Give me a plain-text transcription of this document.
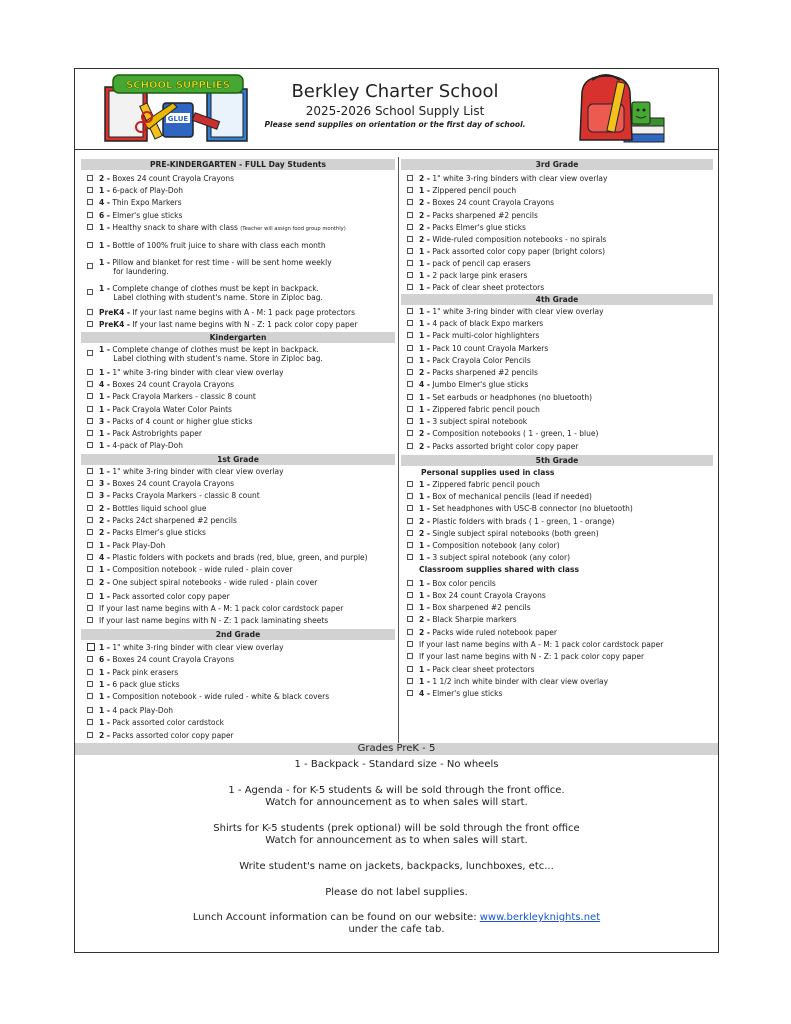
GLUE
SCHOOL SUPPLIES	Berkley Charter School
2025-2026 School Supply List
Please send supplies on orientation or the first day of school.
PRE-KINDERGARTEN - FULL Day Students
2 - Boxes 24 count Crayola Crayons
1 - 6-pack of Play-Doh
4 - Thin Expo Markers
6 - Elmer's glue sticks
1 - Healthy snack to share with class (Teacher will assign food group monthly)
1 - Bottle of 100% fruit juice to share with class each month
1 - Pillow and blanket for rest time - will be sent home weekly
for laundering.
1 - Complete change of clothes must be kept in backpack.
Label clothing with student's name. Store in Ziploc bag.
PreK4 - If your last name begins with A - M: 1 pack page protectors
PreK4 - If your last name begins with N - Z: 1 pack color copy paper
Kindergarten
1 - Complete change of clothes must be kept in backpack.
Label clothing with student's name. Store in Ziploc bag.
1 - 1" white 3-ring binder with clear view overlay
4 - Boxes 24 count Crayola Crayons
1 - Pack Crayola Markers - classic 8 count
1 - Pack Crayola Water Color Paints
3 - Packs of 4 count or higher glue sticks
1 - Pack Astrobrights paper
1 - 4-pack of Play-Doh
1st Grade
1 - 1" white 3-ring binder with clear view overlay
3 - Boxes 24 count Crayola Crayons
3 - Packs Crayola Markers - classic 8 count
2 - Bottles liquid school glue
2 - Packs 24ct sharpened #2 pencils
2 - Packs Elmer's glue sticks
1 - Pack Play-Doh
4 - Plastic folders with pockets and brads (red, blue, green, and purple)
1 - Composition notebook - wide ruled - plain cover
2 - One subject spiral notebooks - wide ruled - plain cover
1 - Pack assorted color copy paper
If your last name begins with A - M: 1 pack color cardstock paper
If your last name begins with N - Z: 1 pack laminating sheets
2nd Grade
1 - 1" white 3-ring binder with clear view overlay
6 - Boxes 24 count Crayola Crayons
1 - Pack pink erasers
1 - 6 pack glue sticks
1 - Composition notebook - wide ruled - white & black covers
1 - 4 pack Play-Doh
1 - Pack assorted color cardstock
2 - Packs assorted color copy paper
3rd Grade
2 - 1" white 3-ring binders with clear view overlay
1 - Zippered pencil pouch
2 - Boxes 24 count Crayola Crayons
2 - Packs sharpened #2 pencils
2 - Packs Elmer's glue sticks
2 - Wide-ruled composition notebooks - no spirals
1 - Pack assorted color copy paper (bright colors)
1 - pack of pencil cap erasers
1 - 2 pack large pink erasers
1 - Pack of clear sheet protectors
4th Grade
1 - 1" white 3-ring binder with clear view overlay
1 - 4 pack of black Expo markers
1 - Pack multi-color highlighters
1 - Pack 10 count Crayola Markers
1 - Pack Crayola Color Pencils
2 - Packs sharpened #2 pencils
4 - Jumbo Elmer's glue sticks
1 - Set earbuds or headphones (no bluetooth)
1 - Zippered fabric pencil pouch
1 - 3 subject spiral notebook
2 - Composition notebooks ( 1 - green, 1 - blue)
2 - Packs assorted bright color copy paper
5th Grade
Personal supplies used in class
1 - Zippered fabric pencil pouch
1 - Box of mechanical pencils (lead if needed)
1 - Set headphones with USC-B connector (no bluetooth)
2 - Plastic folders with brads ( 1 - green, 1 - orange)
2 - Single subject spiral notebooks (both green)
1 - Composition notebook (any color)
1 - 3 subject spiral notebook (any color)
Classroom supplies shared with class
1 - Box color pencils
1 - Box 24 count Crayola Crayons
1 - Box sharpened #2 pencils
2 - Black Sharpie markers
2 - Packs wide ruled notebook paper
If your last name begins with A - M: 1 pack color cardstock paper
If your last name begins with N - Z: 1 pack color copy paper
1 - Pack clear sheet protectors
1 - 1 1/2 inch white binder with clear view overlay
4 - Elmer's glue sticks
Grades PreK - 5
1 - Backpack - Standard size - No wheels
1 - Agenda - for K-5 students & will be sold through the front office.
Watch for announcement as to when sales will start.
Shirts for K-5 students (prek optional) will be sold through the front office
Watch for announcement as to when sales will start.
Write student's name on jackets, backpacks, lunchboxes, etc...
Please do not label supplies.
Lunch Account information can be found on our website: www.berkleyknights.net
under the cafe tab.
